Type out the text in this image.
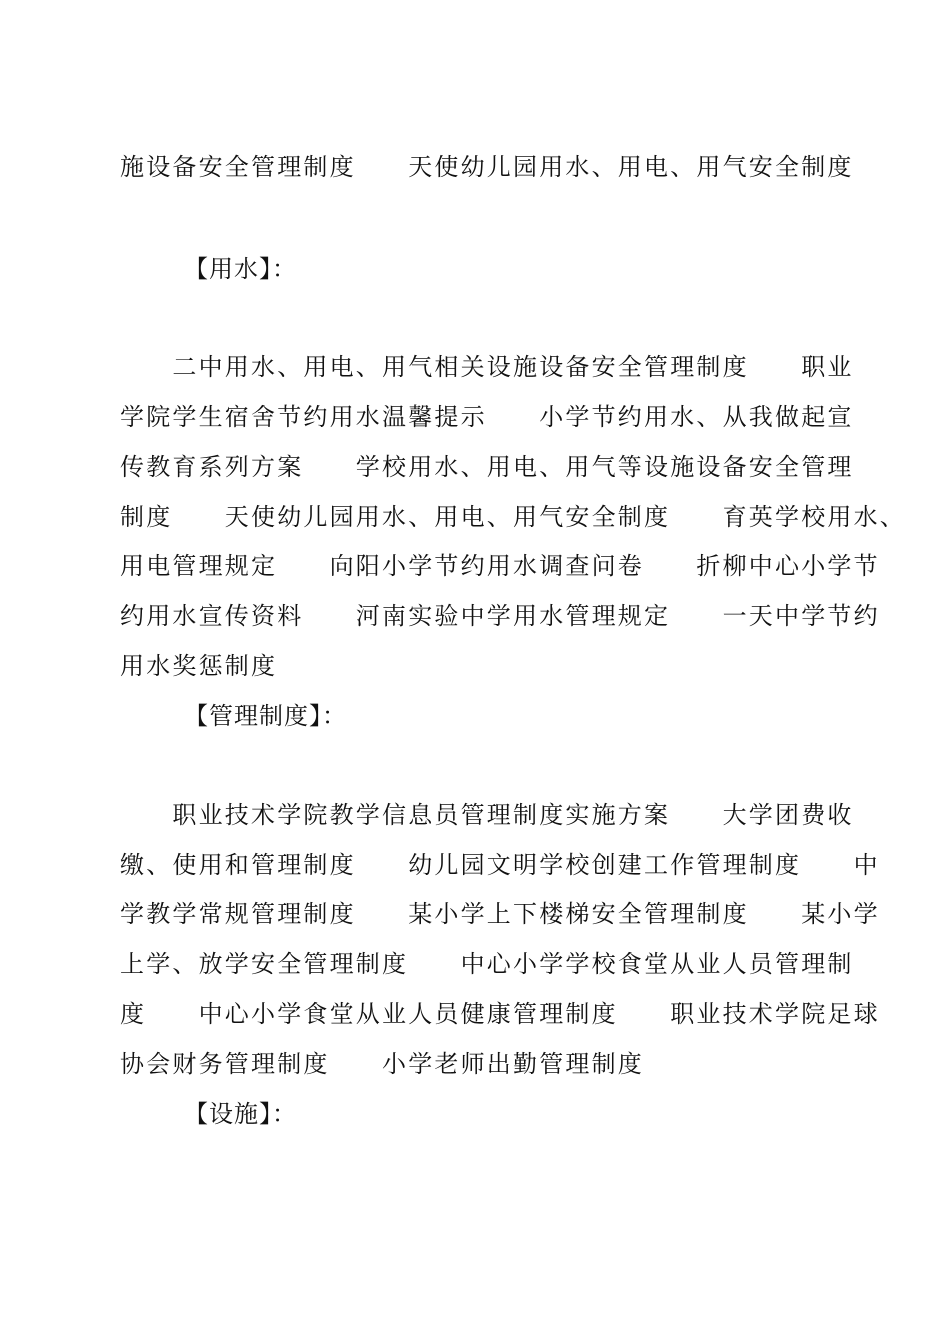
施设备安全管理制度　　天使幼儿园用水、用电、用气安全制度
【用水】：
　　二中用水、用电、用气相关设施设备安全管理制度　　职业
学院学生宿舍节约用水温馨提示　　小学节约用水、从我做起宣
传教育系列方案　　学校用水、用电、用气等设施设备安全管理
制度　　天使幼儿园用水、用电、用气安全制度　　育英学校用水、
用电管理规定　　向阳小学节约用水调查问卷　　折柳中心小学节
约用水宣传资料　　河南实验中学用水管理规定　　一天中学节约
用水奖惩制度
【管理制度】：
　　职业技术学院教学信息员管理制度实施方案　　大学团费收
缴、使用和管理制度　　幼儿园文明学校创建工作管理制度　　中
学教学常规管理制度　　某小学上下楼梯安全管理制度　　某小学
上学、放学安全管理制度　　中心小学学校食堂从业人员管理制
度　　中心小学食堂从业人员健康管理制度　　职业技术学院足球
协会财务管理制度　　小学老师出勤管理制度
【设施】：
